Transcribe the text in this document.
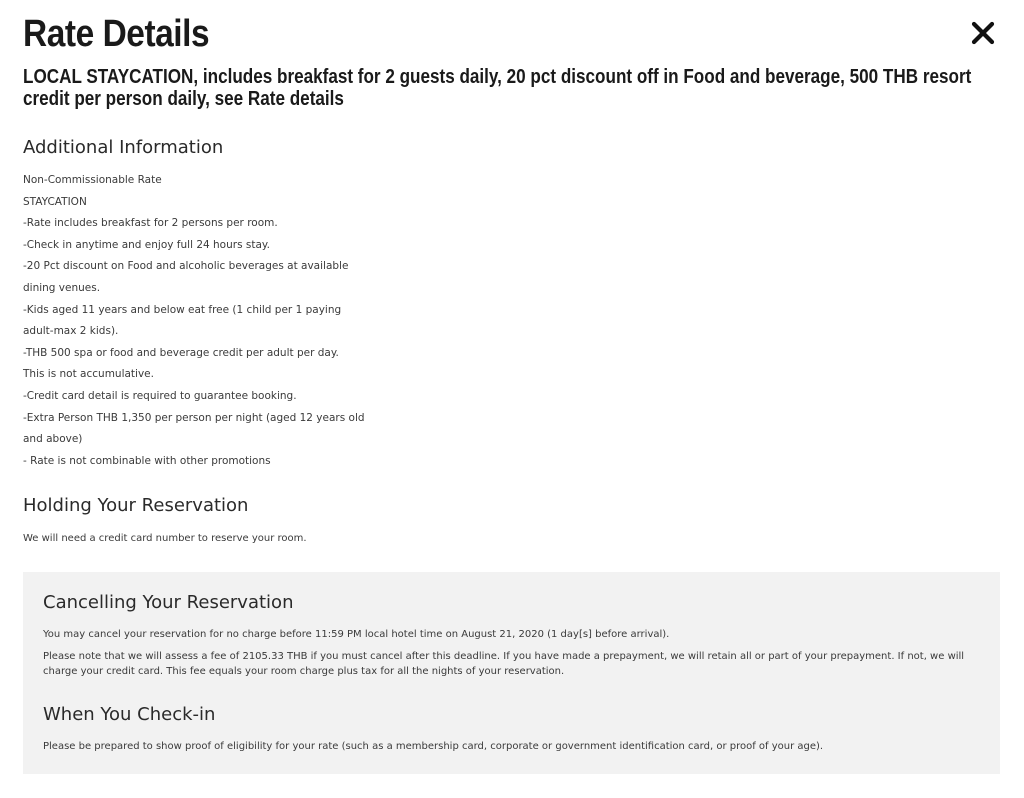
Rate Details
LOCAL STAYCATION, includes breakfast for 2 guests daily, 20 pct discount off in Food and beverage, 500 THB resort credit per person daily, see Rate details
Additional Information
Non-Commissionable Rate
STAYCATION
-Rate includes breakfast for 2 persons per room.
-Check in anytime and enjoy full 24 hours stay.
-20 Pct discount on Food and alcoholic beverages at available
dining venues.
-Kids aged 11 years and below eat free (1 child per 1 paying
adult-max 2 kids).
-THB 500 spa or food and beverage credit per adult per day.
This is not accumulative.
-Credit card detail is required to guarantee booking.
-Extra Person THB 1,350 per person per night (aged 12 years old
and above)
- Rate is not combinable with other promotions
Holding Your Reservation

We will need a credit card number to reserve your room.

Cancelling Your Reservation

You may cancel your reservation for no charge before 11:59 PM local hotel time on August 21, 2020 (1 day[s] before arrival).

Please note that we will assess a fee of 2105.33 THB if you must cancel after this deadline. If you have made a prepayment, we will retain all or part of your prepayment. If not, we will charge your credit card. This fee equals your room charge plus tax for all the nights of your reservation.

When You Check-in

Please be prepared to show proof of eligibility for your rate (such as a membership card, corporate or government identification card, or proof of your age).
